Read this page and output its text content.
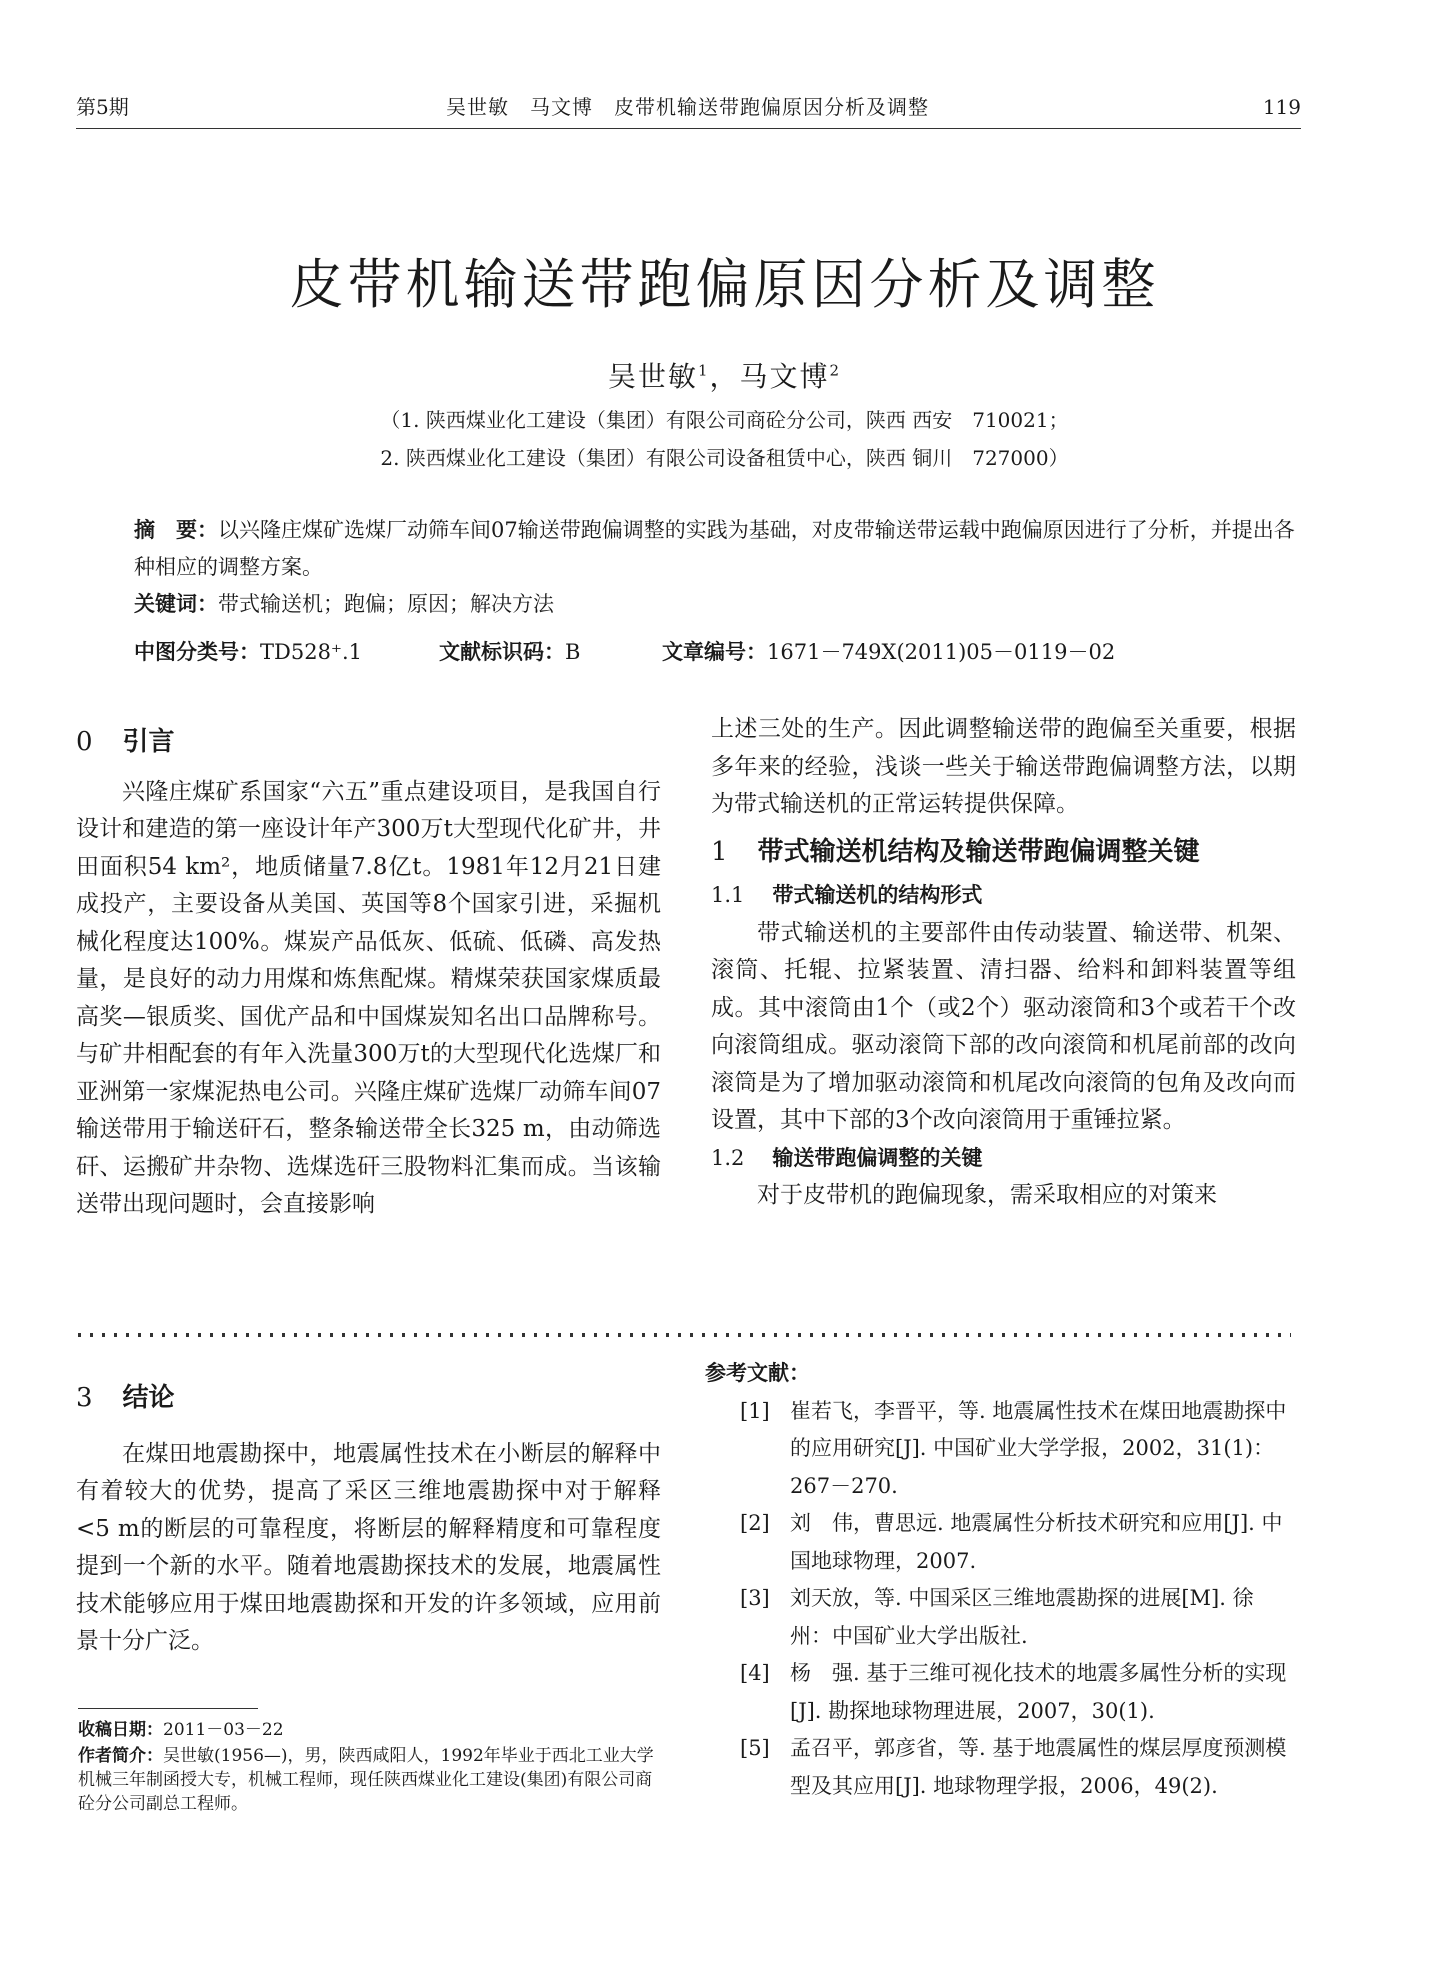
第5期	吴世敏　马文博　皮带机输送带跑偏原因分析及调整	119
皮带机输送带跑偏原因分析及调整
吴世敏$^1$，马文博$^2$
（1. 陕西煤业化工建设（集团）有限公司商砼分公司，陕西 西安　710021；
2. 陕西煤业化工建设（集团）有限公司设备租赁中心，陕西 铜川　727000）
摘　要：以兴隆庄煤矿选煤厂动筛车间07输送带跑偏调整的实践为基础，对皮带输送带运载中跑偏原因进行了分析，并提出各种相应的调整方案。
关键词：带式输送机；跑偏；原因；解决方法
中图分类号：TD528⁺.1	文献标识码：B	文章编号：1671－749X(2011)05－0119－02
0 引言

兴隆庄煤矿系国家“六五”重点建设项目，是我国自行设计和建造的第一座设计年产300万t大型现代化矿井，井田面积54 km²，地质储量7.8亿t。1981年12月21日建成投产，主要设备从美国、英国等8个国家引进，采掘机械化程度达100%。煤炭产品低灰、低硫、低磷、高发热量，是良好的动力用煤和炼焦配煤。精煤荣获国家煤质最高奖—银质奖、国优产品和中国煤炭知名出口品牌称号。与矿井相配套的有年入洗量300万t的大型现代化选煤厂和亚洲第一家煤泥热电公司。兴隆庄煤矿选煤厂动筛车间07输送带用于输送矸石，整条输送带全长325 m，由动筛选矸、运搬矿井杂物、选煤选矸三股物料汇集而成。当该输送带出现问题时，会直接影响

上述三处的生产。因此调整输送带的跑偏至关重要，根据多年来的经验，浅谈一些关于输送带跑偏调整方法，以期为带式输送机的正常运转提供保障。

1 带式输送机结构及输送带跑偏调整关键
1.1 带式输送机的结构形式

带式输送机的主要部件由传动装置、输送带、机架、滚筒、托辊、拉紧装置、清扫器、给料和卸料装置等组成。其中滚筒由1个（或2个）驱动滚筒和3个或若干个改向滚筒组成。驱动滚筒下部的改向滚筒和机尾前部的改向滚筒是为了增加驱动滚筒和机尾改向滚筒的包角及改向而设置，其中下部的3个改向滚筒用于重锤拉紧。

1.2 输送带跑偏调整的关键

对于皮带机的跑偏现象，需采取相应的对策来

3 结论

在煤田地震勘探中，地震属性技术在小断层的解释中有着较大的优势，提高了采区三维地震勘探中对于解释<5 m的断层的可靠程度，将断层的解释精度和可靠程度提到一个新的水平。随着地震勘探技术的发展，地震属性技术能够应用于煤田地震勘探和开发的许多领域，应用前景十分广泛。

参考文献：
[1] 崔若飞，李晋平，等. 地震属性技术在煤田地震勘探中的应用研究[J]. 中国矿业大学学报，2002，31(1)：267－270.
[2] 刘　伟，曹思远. 地震属性分析技术研究和应用[J]. 中国地球物理，2007.
[3] 刘天放，等. 中国采区三维地震勘探的进展[M]. 徐州：中国矿业大学出版社.
[4] 杨　强. 基于三维可视化技术的地震多属性分析的实现[J]. 勘探地球物理进展，2007，30(1).
[5] 孟召平，郭彦省，等. 基于地震属性的煤层厚度预测模型及其应用[J]. 地球物理学报，2006，49(2).
收稿日期：2011－03－22
作者简介：吴世敏(1956—)，男，陕西咸阳人，1992年毕业于西北工业大学机械三年制函授大专，机械工程师，现任陕西煤业化工建设(集团)有限公司商砼分公司副总工程师。
